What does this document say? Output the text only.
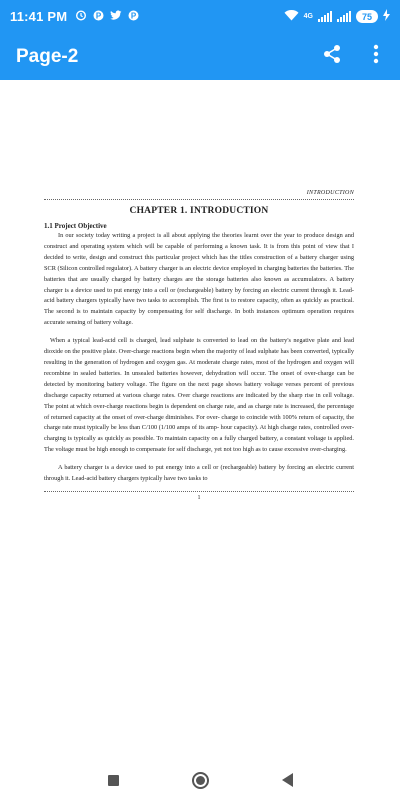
11:41 PM	P	P	4G	75
Page-2
INTRODUCTION
CHAPTER 1. INTRODUCTION
1.1 Project Objective

In our society today writing a project is all about applying the theories learnt over the year to produce design and construct and operating system which will be capable of performing a known task. It is from this point of view that I decided to write, design and construct this particular project which has the titles construction of a battery charger using SCR (Silicon controlled regulator). A battery charger is an electric device employed in charging batteries the batteries. The batteries that are usually charged by battery charges are the storage batteries also known as accumulators. A battery charger is a device used to put energy into a cell or (rechargeable) battery by forcing an electric current through it. Lead-acid battery chargers typically have two tasks to accomplish. The first is to restore capacity, often as quickly as practical. The second is to maintain capacity by compensating for self discharge. In both instances optimum operation requires accurate sensing of battery voltage.

When a typical lead-acid cell is charged, lead sulphate is converted to lead on the battery's negative plate and lead dioxide on the positive plate. Over-charge reactions begin when the majority of lead sulphate has been converted, typically resulting in the generation of hydrogen and oxygen gas. At moderate charge rates, most of the hydrogen and oxygen will recombine in sealed batteries. In unsealed batteries however, dehydration will occur. The onset of over-charge can be detected by monitoring battery voltage. The figure on the next page shows battery voltage verses percent of previous discharge capacity returned at various charge rates. Over charge reactions are indicated by the sharp rise in cell voltage. The point at which over-charge reactions begin is dependent on charge rate, and as charge rate is increased, the percentage of returned capacity at the onset of over-charge diminishes. For over- charge to coincide with 100% return of capacity, the charge rate must typically be less than C/100 (1/100 amps of its amp- hour capacity). At high charge rates, controlled over-charging is typically as quickly as possible. To maintain capacity on a fully charged battery, a constant voltage is applied. The voltage must be high enough to compensate for self discharge, yet not too high as to cause excessive over-charging.

A battery charger is a device used to put energy into a cell or (rechargeable) battery by forcing an electric current through it. Lead-acid battery chargers typically have two tasks to

1
